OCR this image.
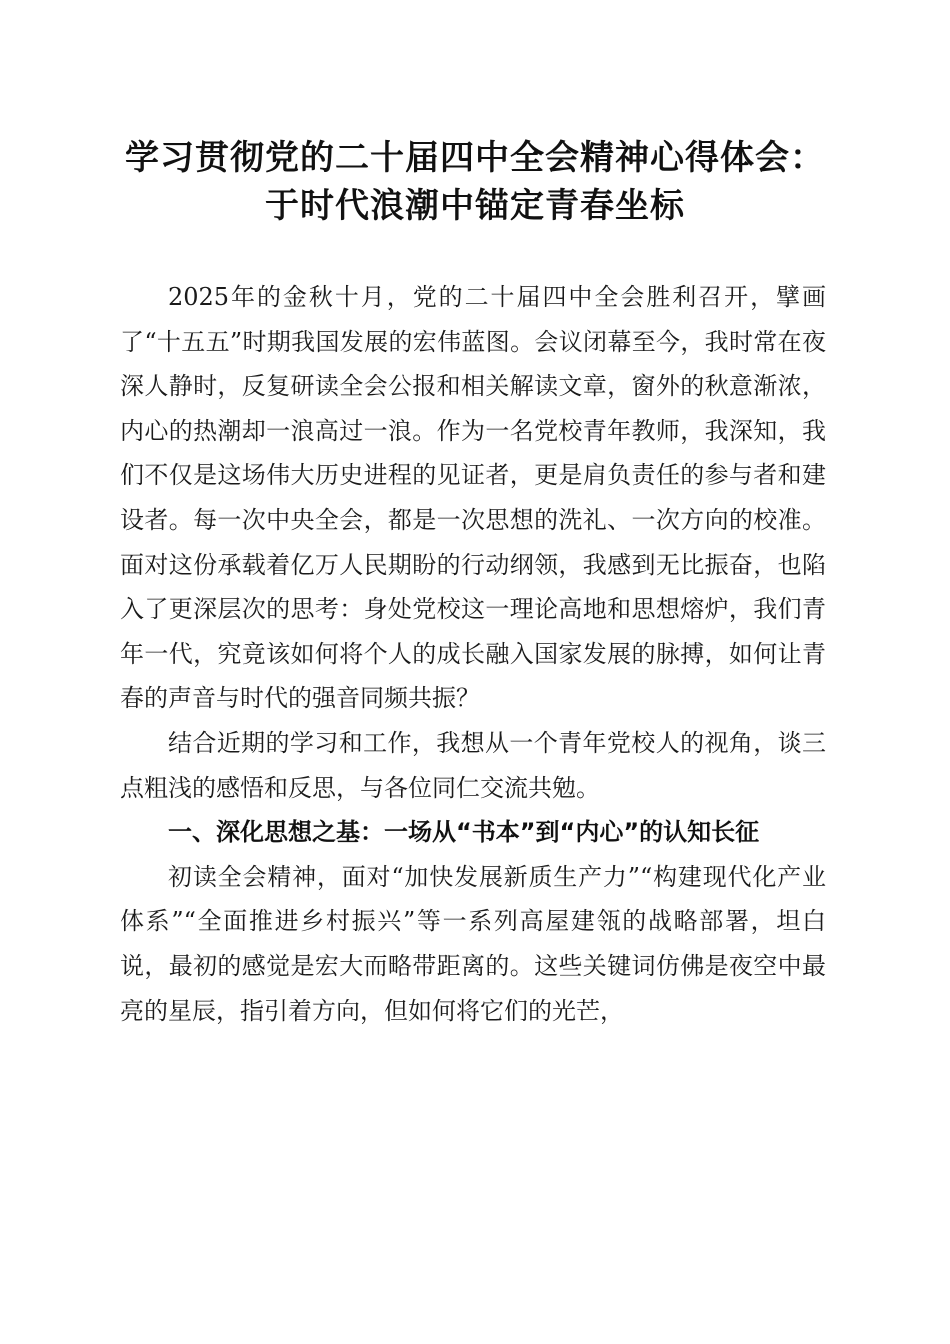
学习贯彻党的二十届四中全会精神心得体会：
于时代浪潮中锚定青春坐标

2025年的金秋十月，党的二十届四中全会胜利召开，擘画了“十五五”时期我国发展的宏伟蓝图。会议闭幕至今，我时常在夜深人静时，反复研读全会公报和相关解读文章，窗外的秋意渐浓，内心的热潮却一浪高过一浪。作为一名党校青年教师，我深知，我们不仅是这场伟大历史进程的见证者，更是肩负责任的参与者和建设者。每一次中央全会，都是一次思想的洗礼、一次方向的校准。面对这份承载着亿万人民期盼的行动纲领，我感到无比振奋，也陷入了更深层次的思考：身处党校这一理论高地和思想熔炉，我们青年一代，究竟该如何将个人的成长融入国家发展的脉搏，如何让青春的声音与时代的强音同频共振？

结合近期的学习和工作，我想从一个青年党校人的视角，谈三点粗浅的感悟和反思，与各位同仁交流共勉。

一、深化思想之基：一场从“书本”到“内心”的认知长征

初读全会精神，面对“加快发展新质生产力”“构建现代化产业体系”“全面推进乡村振兴”等一系列高屋建瓴的战略部署，坦白说，最初的感觉是宏大而略带距离的。这些关键词仿佛是夜空中最亮的星辰，指引着方向，但如何将它们的光芒，
